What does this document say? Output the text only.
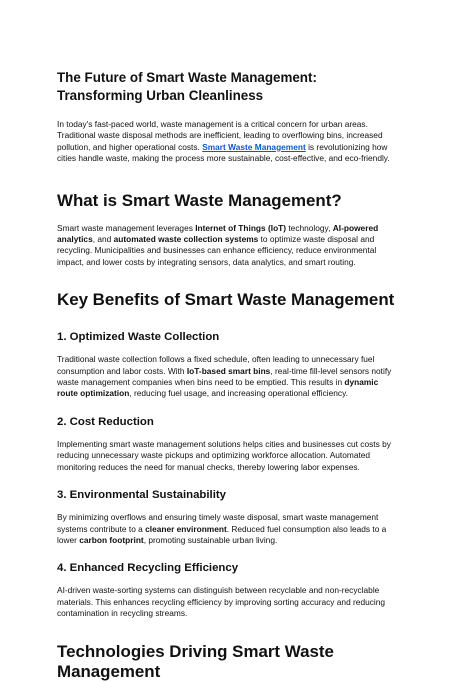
The Future of Smart Waste Management: Transforming Urban Cleanliness

In today's fast-paced world, waste management is a critical concern for urban areas. Traditional waste disposal methods are inefficient, leading to overflowing bins, increased pollution, and higher operational costs. Smart Waste Management is revolutionizing how cities handle waste, making the process more sustainable, cost-effective, and eco-friendly.

What is Smart Waste Management?

Smart waste management leverages Internet of Things (IoT) technology, AI-powered analytics, and automated waste collection systems to optimize waste disposal and recycling. Municipalities and businesses can enhance efficiency, reduce environmental impact, and lower costs by integrating sensors, data analytics, and smart routing.

Key Benefits of Smart Waste Management
1. Optimized Waste Collection

Traditional waste collection follows a fixed schedule, often leading to unnecessary fuel consumption and labor costs. With IoT-based smart bins, real-time fill-level sensors notify waste management companies when bins need to be emptied. This results in dynamic route optimization, reducing fuel usage, and increasing operational efficiency.

2. Cost Reduction

Implementing smart waste management solutions helps cities and businesses cut costs by reducing unnecessary waste pickups and optimizing workforce allocation. Automated monitoring reduces the need for manual checks, thereby lowering labor expenses.

3. Environmental Sustainability

By minimizing overflows and ensuring timely waste disposal, smart waste management systems contribute to a cleaner environment. Reduced fuel consumption also leads to a lower carbon footprint, promoting sustainable urban living.

4. Enhanced Recycling Efficiency

AI-driven waste-sorting systems can distinguish between recyclable and non-recyclable materials. This enhances recycling efficiency by improving sorting accuracy and reducing contamination in recycling streams.

Technologies Driving Smart Waste Management
